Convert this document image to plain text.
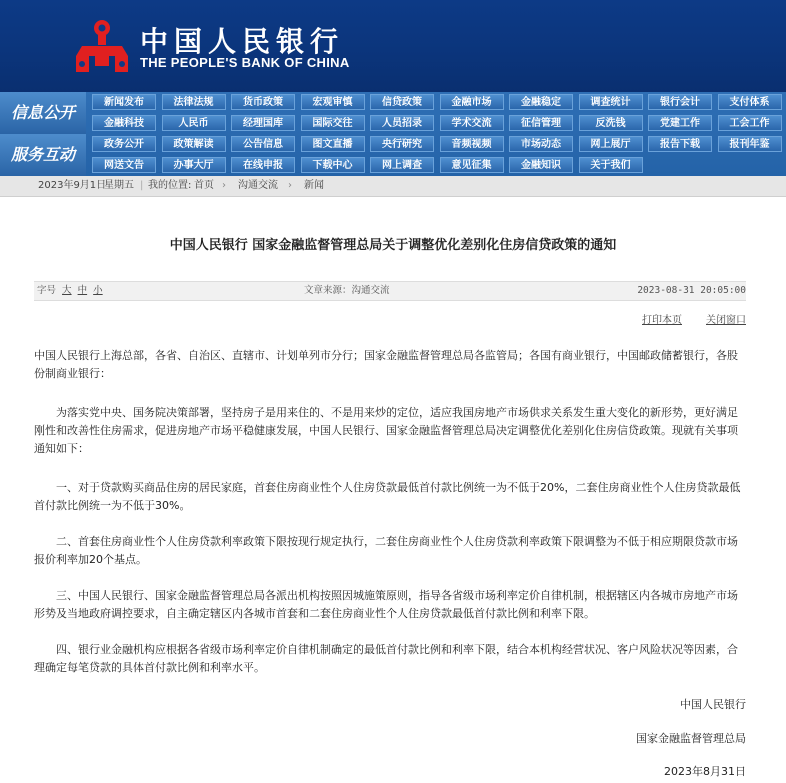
中国人民银行
THE PEOPLE'S BANK OF CHINA
信息公开
服务互动
新闻发布	法律法规	货币政策	宏观审慎	信贷政策	金融市场	金融稳定	调查统计	银行会计	支付体系
金融科技	人民币	经理国库	国际交往	人员招录	学术交流	征信管理	反洗钱	党建工作	工会工作
政务公开	政策解读	公告信息	图文直播	央行研究	音频视频	市场动态	网上展厅	报告下载	报刊年鉴
网送文告	办事大厅	在线申报	下载中心	网上调查	意见征集	金融知识	关于我们
2023年9月1日
星期五 | 我的位置: 首页 › 沟通交流 › 新闻
中国人民银行 国家金融监督管理总局关于调整优化差别化住房信贷政策的通知
字号 大 中 小	文章来源：沟通交流	2023-08-31 20:05:00
打印本页 关闭窗口

中国人民银行上海总部，各省、自治区、直辖市、计划单列市分行；国家金融监督管理总局各监管局；各国有商业银行，中国邮政储蓄银行，各股份制商业银行：

为落实党中央、国务院决策部署，坚持房子是用来住的、不是用来炒的定位，适应我国房地产市场供求关系发生重大变化的新形势，更好满足刚性和改善性住房需求，促进房地产市场平稳健康发展，中国人民银行、国家金融监督管理总局决定调整优化差别化住房信贷政策。现就有关事项通知如下：

一、对于贷款购买商品住房的居民家庭，首套住房商业性个人住房贷款最低首付款比例统一为不低于20%，二套住房商业性个人住房贷款最低首付款比例统一为不低于30%。

二、首套住房商业性个人住房贷款利率政策下限按现行规定执行，二套住房商业性个人住房贷款利率政策下限调整为不低于相应期限贷款市场报价利率加20个基点。

三、中国人民银行、国家金融监督管理总局各派出机构按照因城施策原则，指导各省级市场利率定价自律机制，根据辖区内各城市房地产市场形势及当地政府调控要求，自主确定辖区内各城市首套和二套住房商业性个人住房贷款最低首付款比例和利率下限。

四、银行业金融机构应根据各省级市场利率定价自律机制确定的最低首付款比例和利率下限，结合本机构经营状况、客户风险状况等因素，合理确定每笔贷款的具体首付款比例和利率水平。

中国人民银行
国家金融监督管理总局
2023年8月31日
